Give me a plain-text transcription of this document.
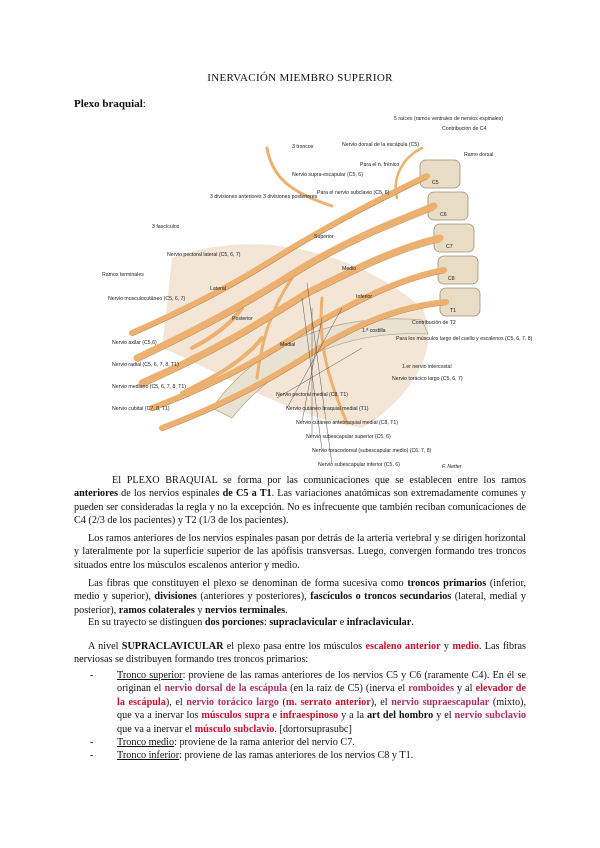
INERVACIÓN MIEMBRO SUPERIOR
Plexo braquial:
5 raíces (ramos ventrales de nervios espinales)
Contribución de C4
Ramo dorsal
3 troncos
3 divisiones anteriores 3 divisiones posteriores
3 fascículos
Ramos terminales
Nervio dorsal de la escápula (C5)
Para el n. frénico
Nervio supra-escapular (C5, 6)
Para el nervio subclavio (C5, 6)
Nervio pectoral lateral (C5, 6, 7)
Nervio musculocutáneo (C5, 6, 7)
Nervio axilar (C5,6)
Nervio radial (C5, 6, 7, 8, T1)
Nervio mediano (C5, 6, 7, 8, T1)
Nervio cubital (C7, 8, T1)
C5
C6
C7
C8
T1
Superior
Medio
Inferior
Lateral
Posterior
Medial
1.ª costilla
Contribución de T2
Para los músculos largo del cuello y escalenos (C5, 6, 7, 8)
1.er nervio intercostal
Nervio torácico largo (C5, 6, 7)
Nervio pectoral medial (C8, T1)
Nervio cutáneo braquial medial (T1)
Nervio cutáneo antebraquial medial (C8, T1)
Nervio subescapular superior (C5, 6)
Nervio toracodorsal (subescapular medio) (C6, 7, 8)
Nervio subescapular inferior (C5, 6)	F. Netter
El PLEXO BRAQUIAL se forma por las comunicaciones que se establecen entre los ramos anteriores de los nervios espinales de C5 a T1. Las variaciones anatómicas son extremadamente comunes y pueden ser consideradas la regla y no la excepción. No es infrecuente que también reciban comunicaciones de C4 (2/3 de los pacientes) y T2 (1/3 de los pacientes).
Los ramos anteriores de los nervios espinales pasan por detrás de la arteria vertebral y se dirigen horizontal y lateralmente por la superficie superior de las apófisis transversas. Luego, convergen formando tres troncos situados entre los músculos escalenos anterior y medio.
Las fibras que constituyen el plexo se denominan de forma sucesiva como troncos primarios (inferior, medio y superior), divisiones (anteriores y posteriores), fascículos o troncos secundarios (lateral, medial y posterior), ramos colaterales y nervios terminales.
En su trayecto se distinguen dos porciones: supraclavicular e infraclavicular.
A nivel SUPRACLAVICULAR el plexo pasa entre los músculos escaleno anterior y medio. Las fibras nerviosas se distribuyen formando tres troncos primarios:
- Tronco superior: proviene de las ramas anteriores de los nervios C5 y C6 (raramente C4). En él se originan el nervio dorsal de la escápula (en la raíz de C5) (inerva el romboides y al elevador de la escápula), el nervio torácico largo (m. serrato anterior), el nervio supraescapular (mixto), que va a inervar los músculos supra e infraespinoso y a la art del hombro y el nervio subclavio que va a inervar el músculo subclavio. [dortorsuprasubc]
- Tronco medio: proviene de la rama anterior del nervio C7.
- Tronco inferior: proviene de las ramas anteriores de los nervios C8 y T1.
